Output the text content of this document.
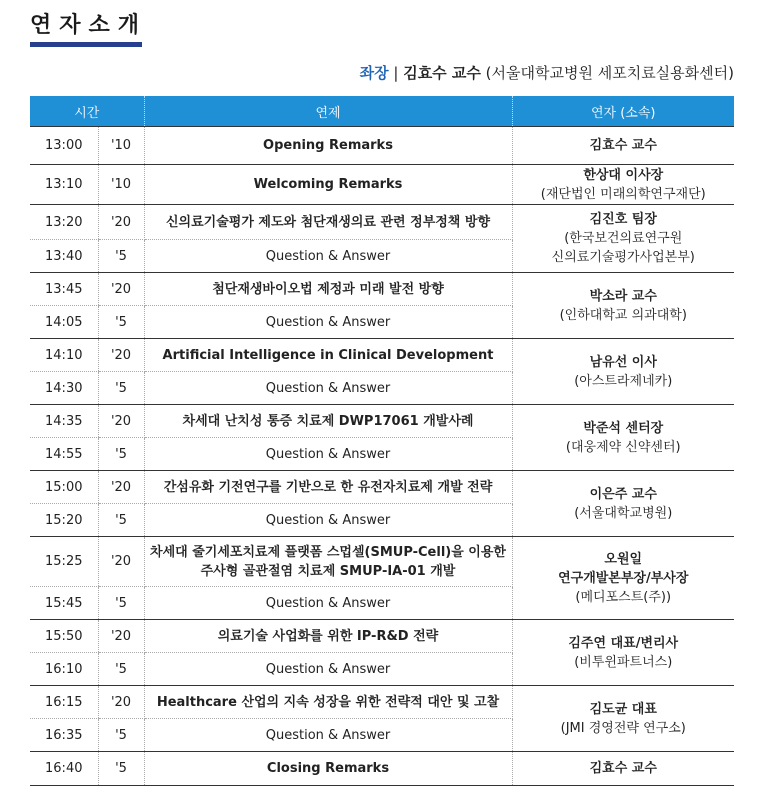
연자소개
좌장 | 김효수 교수 (서울대학교병원 세포치료실용화센터)
시간		연제	연자 (소속)
13:00	'10	Opening Remarks	김효수 교수

13:10	'10	Welcoming Remarks	한상대 이사장
(재단법인 미래의학연구재단)

13:20	'20	신의료기술평가 제도와 첨단재생의료 관련 정부정책 방향	김진호 팀장
(한국보건의료연구원
신의료기술평가사업본부)

13:40	'5	Question & Answer	
13:45	'20	첨단재생바이오법 제정과 미래 발전 방향	박소라 교수
(인하대학교 의과대학)

14:05	'5	Question & Answer	
14:10	'20	Artificial Intelligence in Clinical Development	남유선 이사
(아스트라제네카)

14:30	'5	Question & Answer	
14:35	'20	차세대 난치성 통증 치료제 DWP17061 개발사례	박준석 센터장
(대웅제약 신약센터)

14:55	'5	Question & Answer	
15:00	'20	간섬유화 기전연구를 기반으로 한 유전자치료제 개발 전략	이은주 교수
(서울대학교병원)

15:20	'5	Question & Answer	
15:25	'20	차세대 줄기세포치료제 플랫폼 스멉셀(SMUP-Cell)을 이용한
주사형 골관절염 치료제 SMUP-IA-01 개발	오원일
연구개발본부장/부사장
(메디포스트(주))

15:45	'5	Question & Answer	
15:50	'20	의료기술 사업화를 위한 IP-R&D 전략	김주연 대표/변리사
(비투윈파트너스)

16:10	'5	Question & Answer	
16:15	'20	Healthcare 산업의 지속 성장을 위한 전략적 대안 및 고찰	김도균 대표
(JMI 경영전략 연구소)

16:35	'5	Question & Answer	
16:40	'5	Closing Remarks	김효수 교수
